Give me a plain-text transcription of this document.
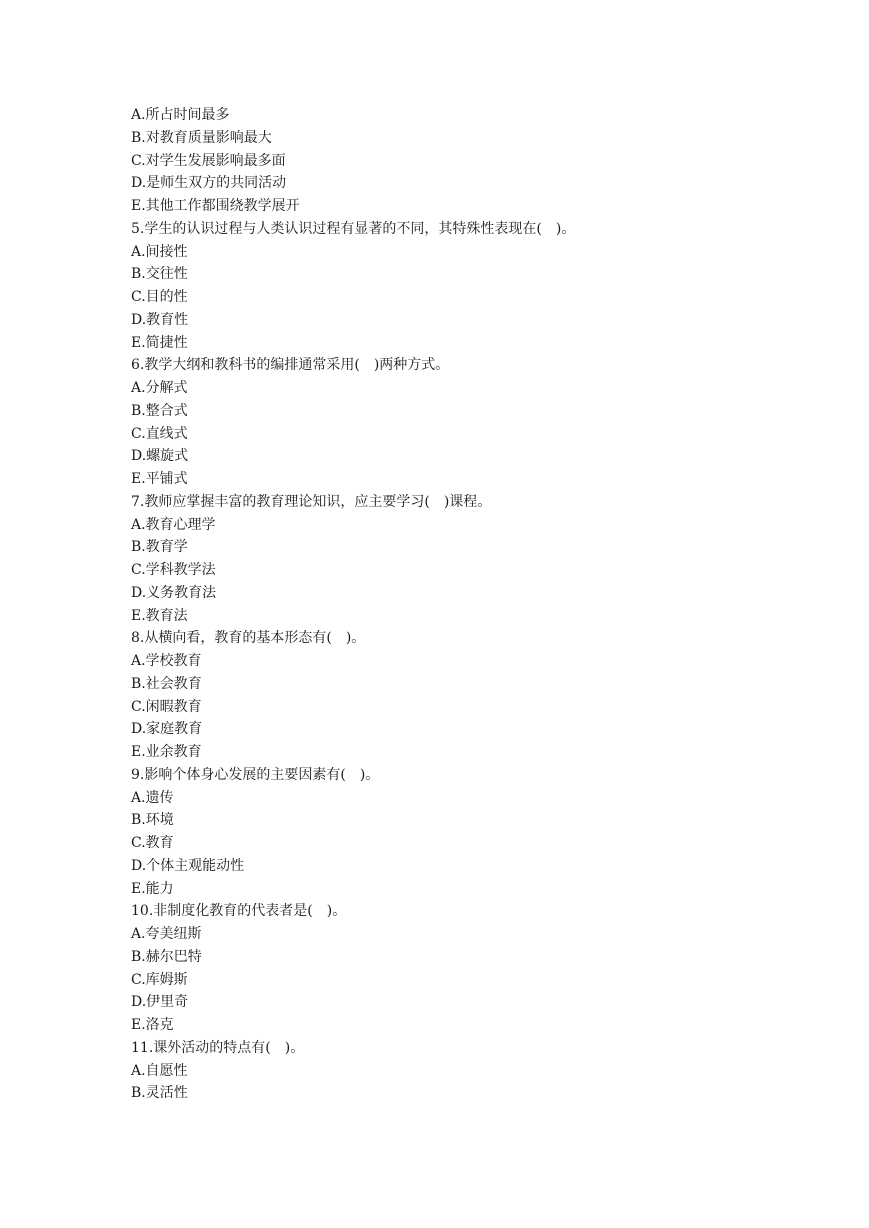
A.所占时间最多
B.对教育质量影响最大
C.对学生发展影响最多面
D.是师生双方的共同活动
E.其他工作都围绕教学展开
5.学生的认识过程与人类认识过程有显著的不同，其特殊性表现在(　)。
A.间接性
B.交往性
C.目的性
D.教育性
E.简捷性
6.教学大纲和教科书的编排通常采用(　)两种方式。
A.分解式
B.整合式
C.直线式
D.螺旋式
E.平铺式
7.教师应掌握丰富的教育理论知识，应主要学习(　)课程。
A.教育心理学
B.教育学
C.学科教学法
D.义务教育法
E.教育法
8.从横向看，教育的基本形态有(　)。
A.学校教育
B.社会教育
C.闲暇教育
D.家庭教育
E.业余教育
9.影响个体身心发展的主要因素有(　)。
A.遗传
B.环境
C.教育
D.个体主观能动性
E.能力
10.非制度化教育的代表者是(　)。
A.夸美纽斯
B.赫尔巴特
C.库姆斯
D.伊里奇
E.洛克
11.课外活动的特点有(　)。
A.自愿性
B.灵活性
